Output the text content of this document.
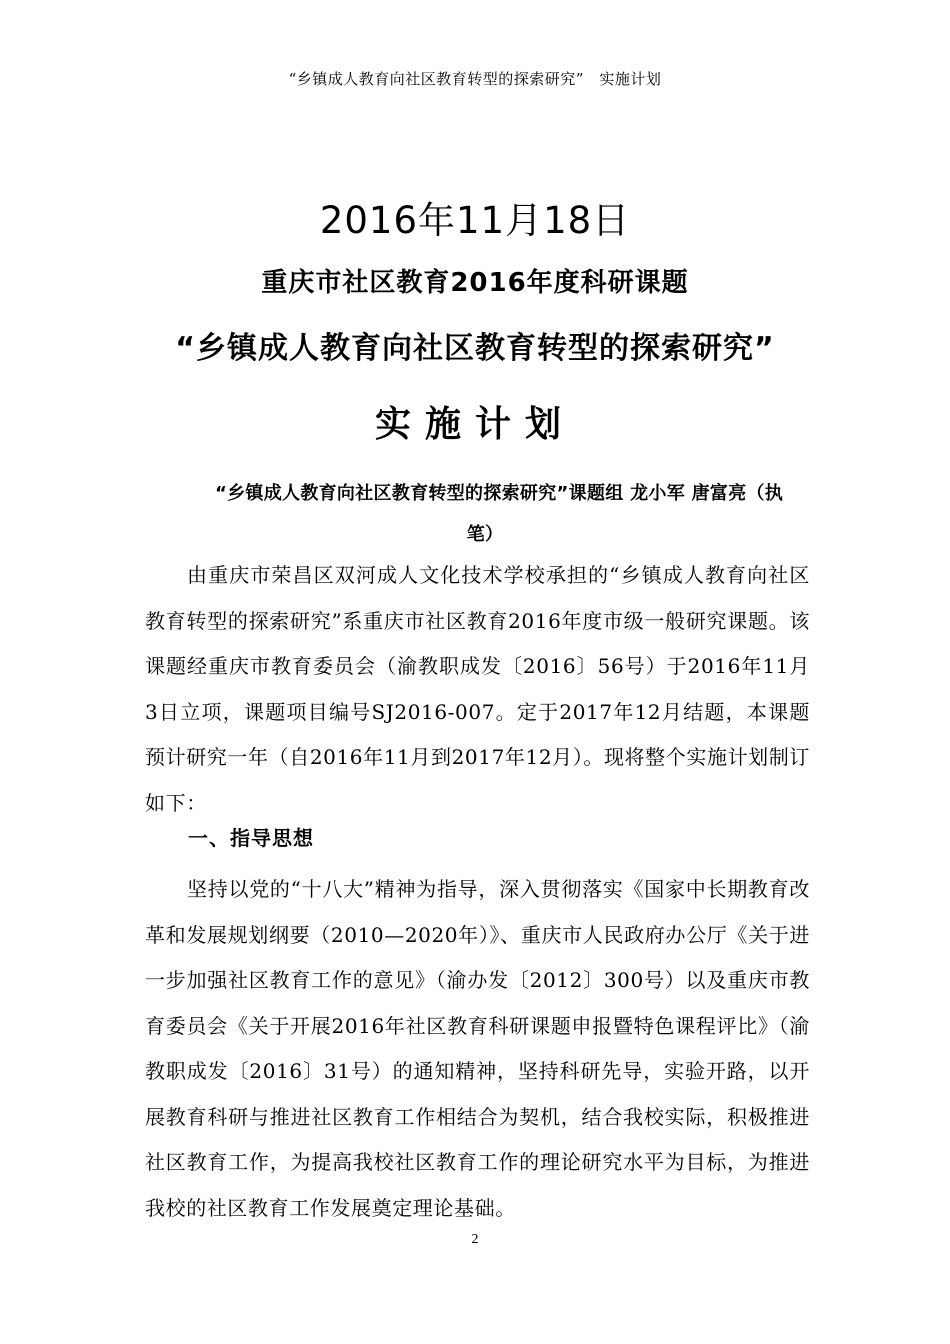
“乡镇成人教育向社区教育转型的探索研究”　实施计划
2016年11月18日
重庆市社区教育2016年度科研课题
“乡镇成人教育向社区教育转型的探索研究”
实施计划
“乡镇成人教育向社区教育转型的探索研究”课题组 龙小军 唐富亮（执
笔）
由重庆市荣昌区双河成人文化技术学校承担的“乡镇成人教育向社区教育转型的探索研究”系重庆市社区教育2016年度市级一般研究课题。该课题经重庆市教育委员会（渝教职成发〔2016〕56号）于2016年11月3日立项，课题项目编号SJ2016-007。定于2017年12月结题，本课题预计研究一年（自2016年11月到2017年12月）。现将整个实施计划制订如下：
一、指导思想
坚持以党的“十八大”精神为指导，深入贯彻落实《国家中长期教育改革和发展规划纲要（2010—2020年）》、重庆市人民政府办公厅《关于进一步加强社区教育工作的意见》（渝办发〔2012〕300号）以及重庆市教育委员会《关于开展2016年社区教育科研课题申报暨特色课程评比》（渝教职成发〔2016〕31号）的通知精神，坚持科研先导，实验开路，以开展教育科研与推进社区教育工作相结合为契机，结合我校实际，积极推进社区教育工作，为提高我校社区教育工作的理论研究水平为目标，为推进我校的社区教育工作发展奠定理论基础。
2
